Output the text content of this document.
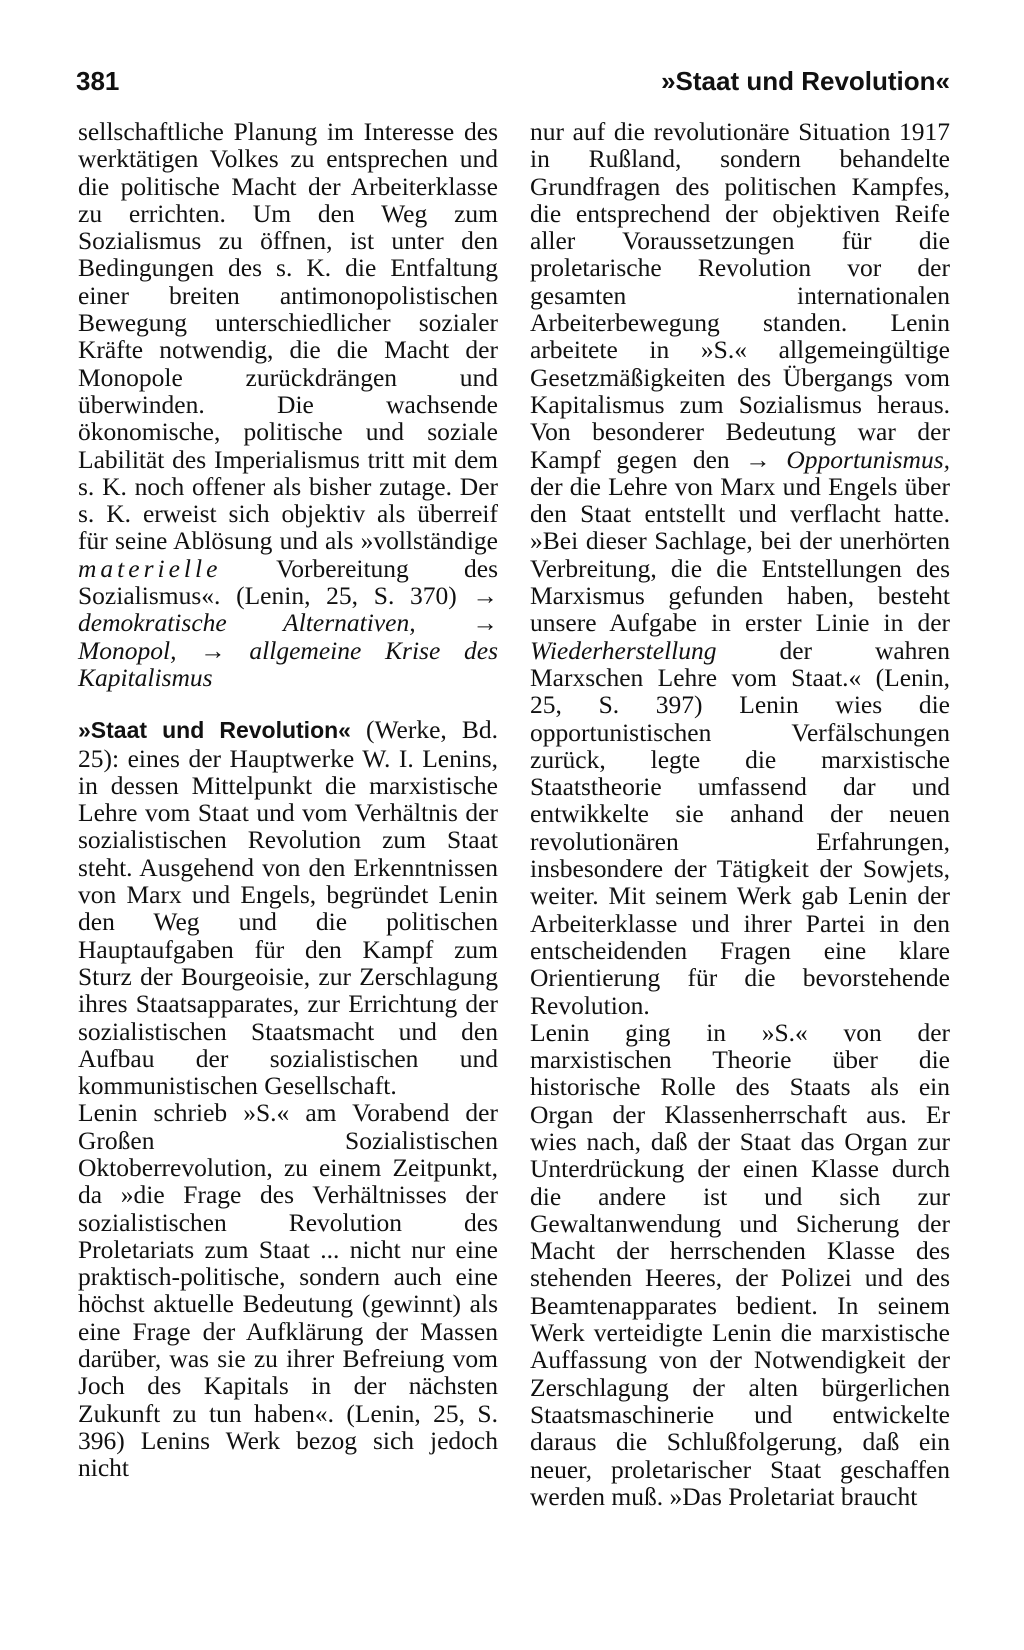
381	»Staat und Revolution«

sellschaftliche Planung im Interesse des werktätigen Volkes zu entsprechen und die politische Macht der Arbeiterklasse zu errichten. Um den Weg zum Sozialismus zu öffnen, ist unter den Bedingungen des s. K. die Entfaltung einer breiten antimonopolistischen Bewegung unterschiedlicher sozialer Kräfte notwendig, die die Macht der Monopole zurückdrängen und überwinden. Die wachsende ökonomische, politische und soziale Labilität des Imperialismus tritt mit dem s. K. noch offener als bisher zutage. Der s. K. erweist sich objektiv als überreif für seine Ablösung und als »vollständige materielle Vorbereitung des Sozialismus«. (Lenin, 25, S. 370) → demokratische Alternativen, → Monopol, → allgemeine Krise des Kapitalismus

»Staat und Revolution« (Werke, Bd. 25): eines der Hauptwerke W. I. Lenins, in dessen Mittelpunkt die marxistische Lehre vom Staat und vom Verhältnis der sozialistischen Revolution zum Staat steht. Ausgehend von den Erkenntnissen von Marx und Engels, begründet Lenin den Weg und die politischen Hauptaufgaben für den Kampf zum Sturz der Bourgeoisie, zur Zerschlagung ihres Staatsapparates, zur Errichtung der sozialistischen Staatsmacht und den Aufbau der sozialistischen und kommunistischen Gesellschaft.

Lenin schrieb »S.« am Vorabend der Großen Sozialistischen Oktoberrevolution, zu einem Zeitpunkt, da »die Frage des Verhältnisses der sozialistischen Revolution des Proletariats zum Staat ... nicht nur eine praktisch-politische, sondern auch eine höchst aktuelle Bedeutung (gewinnt) als eine Frage der Aufklärung der Massen darüber, was sie zu ihrer Befreiung vom Joch des Kapitals in der nächsten Zukunft zu tun haben«. (Lenin, 25, S. 396) Lenins Werk bezog sich jedoch nicht

nur auf die revolutionäre Situation 1917 in Rußland, sondern behandelte Grundfragen des politischen Kampfes, die entsprechend der objektiven Reife aller Voraussetzungen für die proletarische Revolution vor der gesamten internationalen Arbeiterbewegung standen. Lenin arbeitete in »S.« allgemeingültige Gesetzmäßigkeiten des Übergangs vom Kapitalismus zum Sozialismus heraus. Von besonderer Bedeutung war der Kampf gegen den → Opportunismus, der die Lehre von Marx und Engels über den Staat entstellt und verflacht hatte. »Bei dieser Sachlage, bei der unerhörten Verbreitung, die die Entstellungen des Marxismus gefunden haben, besteht unsere Aufgabe in erster Linie in der Wiederherstellung der wahren Marxschen Lehre vom Staat.« (Lenin, 25, S. 397) Lenin wies die opportunistischen Verfälschungen zurück, legte die marxistische Staatstheorie umfassend dar und entwikkelte sie anhand der neuen revolutionären Erfahrungen, insbesondere der Tätigkeit der Sowjets, weiter. Mit seinem Werk gab Lenin der Arbeiterklasse und ihrer Partei in den entscheidenden Fragen eine klare Orientierung für die bevorstehende Revolution.

Lenin ging in »S.« von der marxistischen Theorie über die historische Rolle des Staats als ein Organ der Klassenherrschaft aus. Er wies nach, daß der Staat das Organ zur Unterdrückung der einen Klasse durch die andere ist und sich zur Gewaltanwendung und Sicherung der Macht der herrschenden Klasse des stehenden Heeres, der Polizei und des Beamtenapparates bedient. In seinem Werk verteidigte Lenin die marxistische Auffassung von der Notwendigkeit der Zerschlagung der alten bürgerlichen Staatsmaschinerie und entwickelte daraus die Schlußfolgerung, daß ein neuer, proletarischer Staat geschaffen werden muß. »Das Proletariat braucht
